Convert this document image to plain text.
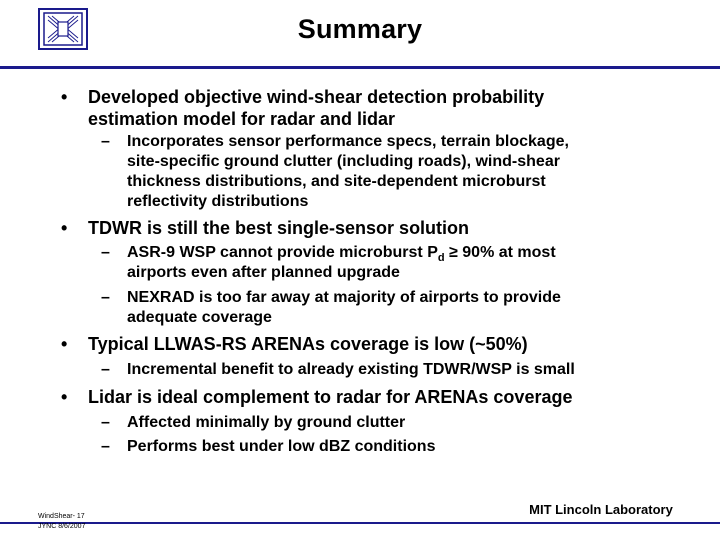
Summary
• Developed objective wind-shear detection probability
estimation model for radar and lidar
– Incorporates sensor performance specs, terrain blockage,
site-specific ground clutter (including roads), wind-shear
thickness distributions, and site-dependent microburst
reflectivity distributions
• TDWR is still the best single-sensor solution
– ASR-9 WSP cannot provide microburst $P_d \ge 90\%$ at most
airports even after planned upgrade
– NEXRAD is too far away at majority of airports to provide
adequate coverage
• Typical LLWAS-RS ARENAs coverage is low (~50%)
– Incremental benefit to already existing TDWR/WSP is small
• Lidar is ideal complement to radar for ARENAs coverage
– Affected minimally by ground clutter
– Performs best under low dBZ conditions
WindShear- 17
JYNC 8/6/2007
MIT Lincoln Laboratory
